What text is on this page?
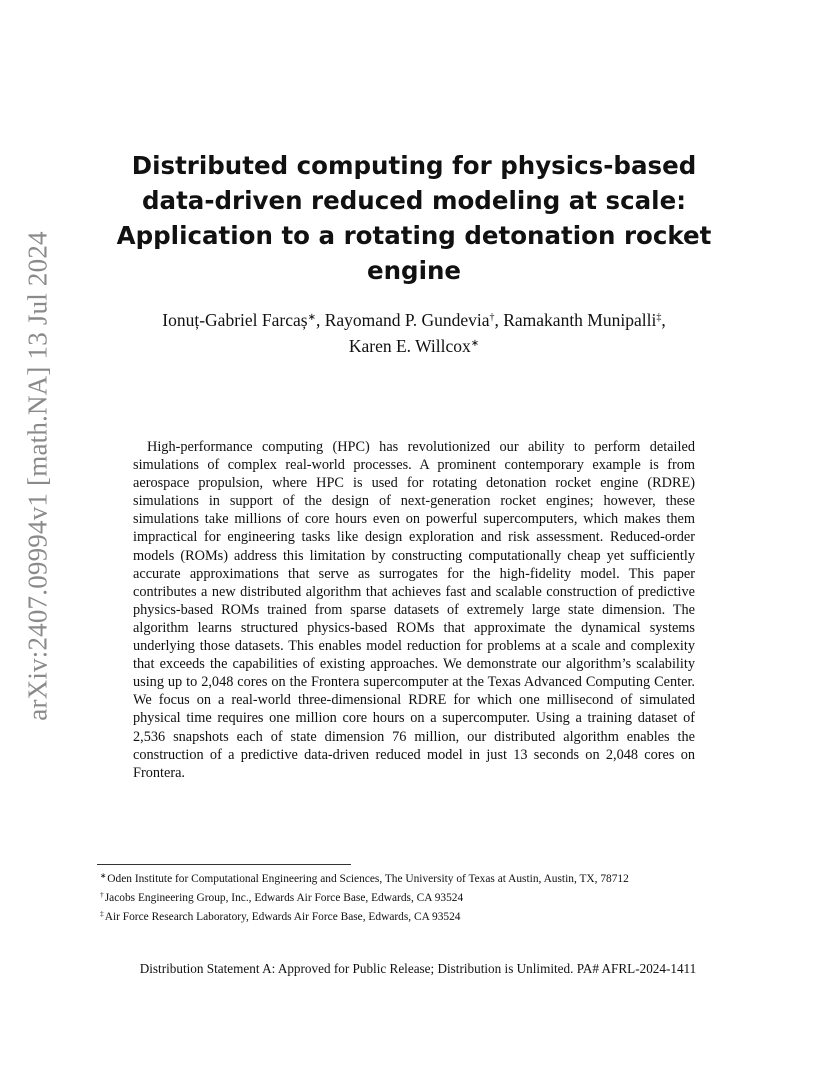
arXiv:2407.09994v1 [math.NA] 13 Jul 2024
Distributed computing for physics-based data-driven reduced modeling at scale: Application to a rotating detonation rocket engine
Ionuț-Gabriel Farcaș∗, Rayomand P. Gundevia†, Ramakanth Munipalli‡,
Karen E. Willcox∗

High-performance computing (HPC) has revolutionized our ability to perform detailed simulations of complex real-world processes. A prominent contemporary example is from aerospace propulsion, where HPC is used for rotating detonation rocket engine (RDRE) simulations in support of the design of next-generation rocket engines; however, these simulations take millions of core hours even on powerful supercomputers, which makes them impractical for engineering tasks like design exploration and risk assessment. Reduced-order models (ROMs) address this limitation by constructing computationally cheap yet sufficiently accurate approximations that serve as surrogates for the high-fidelity model. This paper contributes a new distributed algorithm that achieves fast and scalable construction of predictive physics-based ROMs trained from sparse datasets of extremely large state dimension. The algorithm learns structured physics-based ROMs that approximate the dynamical systems underlying those datasets. This enables model reduction for problems at a scale and complexity that exceeds the capabilities of existing approaches. We demonstrate our algorithm’s scalability using up to 2,048 cores on the Frontera supercomputer at the Texas Advanced Computing Center. We focus on a real-world three-dimensional RDRE for which one millisecond of simulated physical time requires one million core hours on a supercomputer. Using a training dataset of 2,536 snapshots each of state dimension 76 million, our distributed algorithm enables the construction of a predictive data-driven reduced model in just 13 seconds on 2,048 cores on Frontera.

∗Oden Institute for Computational Engineering and Sciences, The University of Texas at Austin, Austin, TX, 78712
†Jacobs Engineering Group, Inc., Edwards Air Force Base, Edwards, CA 93524
‡Air Force Research Laboratory, Edwards Air Force Base, Edwards, CA 93524
Distribution Statement A: Approved for Public Release; Distribution is Unlimited. PA# AFRL-2024-1411
